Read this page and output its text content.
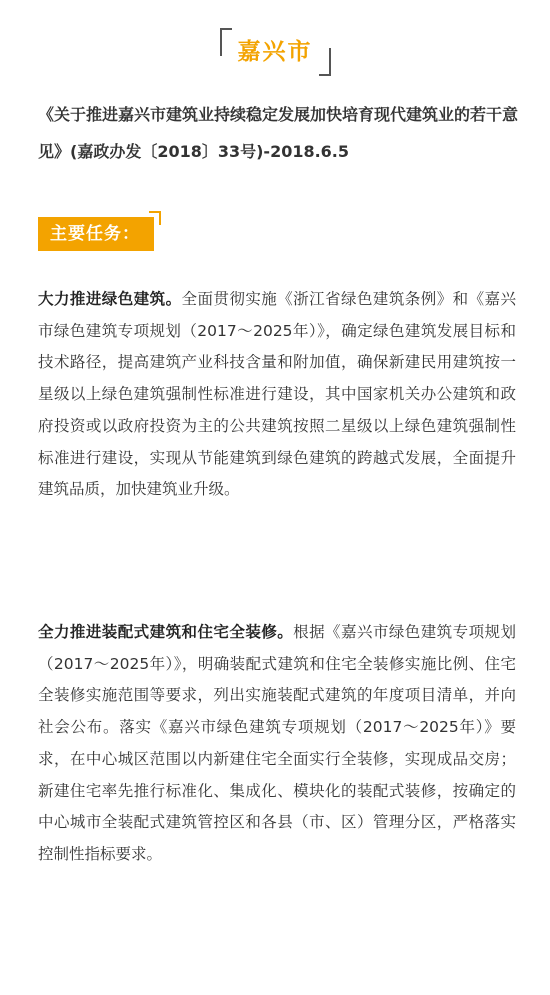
嘉兴市
《关于推进嘉兴市建筑业持续稳定发展加快培育现代建筑业的若干意见》(嘉政办发〔2018〕33号)-2018.6.5
主要任务：
大力推进绿色建筑。全面贯彻实施《浙江省绿色建筑条例》和《嘉兴市绿色建筑专项规划（2017～2025年）》，确定绿色建筑发展目标和技术路径，提高建筑产业科技含量和附加值，确保新建民用建筑按一星级以上绿色建筑强制性标准进行建设，其中国家机关办公建筑和政府投资或以政府投资为主的公共建筑按照二星级以上绿色建筑强制性标准进行建设，实现从节能建筑到绿色建筑的跨越式发展，全面提升建筑品质，加快建筑业升级。
全力推进装配式建筑和住宅全装修。根据《嘉兴市绿色建筑专项规划（2017～2025年）》，明确装配式建筑和住宅全装修实施比例、住宅全装修实施范围等要求，列出实施装配式建筑的年度项目清单，并向社会公布。落实《嘉兴市绿色建筑专项规划（2017～2025年）》要求，在中心城区范围以内新建住宅全面实行全装修，实现成品交房；新建住宅率先推行标准化、集成化、模块化的装配式装修，按确定的中心城市全装配式建筑管控区和各县（市、区）管理分区，严格落实控制性指标要求。
